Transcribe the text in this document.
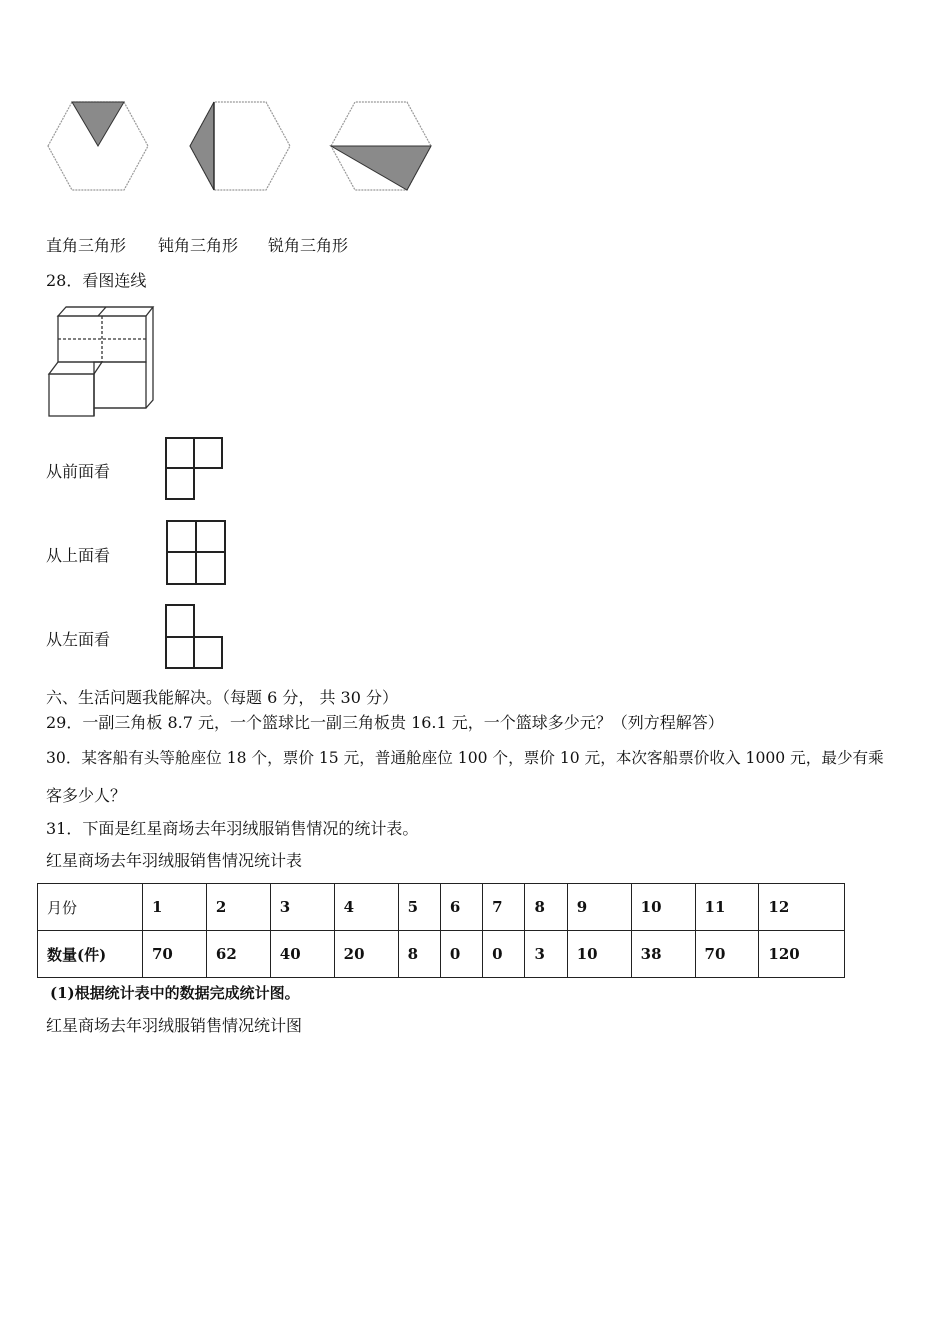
直角三角形 钝角三角形 锐角三角形
28．看图连线
从前面看
从上面看
从左面看
六、生活问题我能解决。（每题 6 分， 共 30 分）
29．一副三角板 8.7 元，一个篮球比一副三角板贵 16.1 元，一个篮球多少元？（列方程解答）
30．某客船有头等舱座位 18 个，票价 15 元，普通舱座位 100 个，票价 10 元，本次客船票价收入 1000 元，最少有乘
客多少人？
31．下面是红星商场去年羽绒服销售情况的统计表。
红星商场去年羽绒服销售情况统计表
月份	1	2	3	4	5	6	7	8	9	10	11	12
数量(件)	70	62	40	20	8	0	0	3	10	38	70	120
(1)根据统计表中的数据完成统计图。
红星商场去年羽绒服销售情况统计图
